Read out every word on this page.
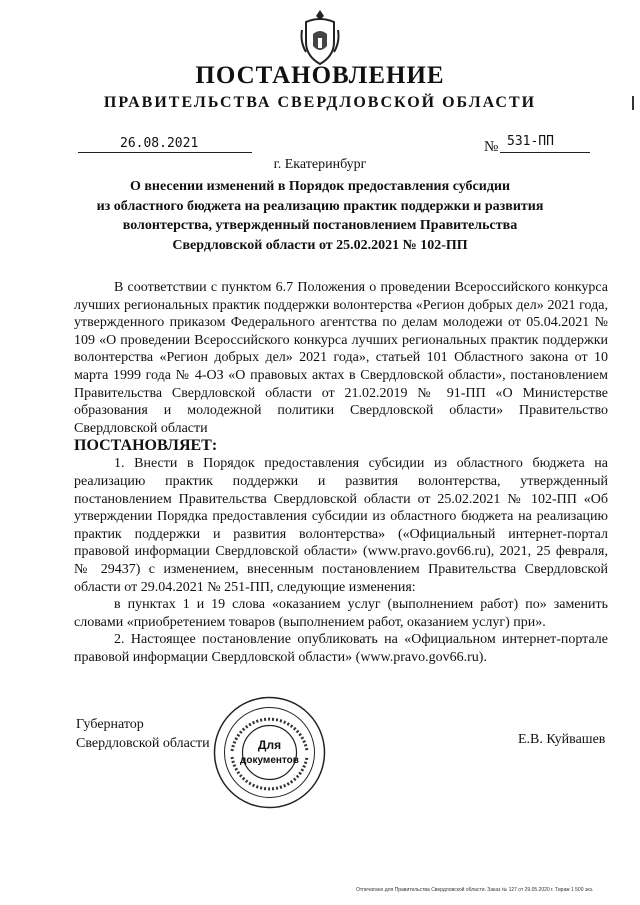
ПОСТАНОВЛЕНИЕ
ПРАВИТЕЛЬСТВА СВЕРДЛОВСКОЙ ОБЛАСТИ
26.08.2021	№ 531-ПП
г. Екатеринбург
О внесении изменений в Порядок предоставления субсидии
из областного бюджета на реализацию практик поддержки и развития
волонтерства, утвержденный постановлением Правительства
Свердловской области от 25.02.2021 № 102-ПП

В соответствии с пунктом 6.7 Положения о проведении Всероссийского конкурса лучших региональных практик поддержки волонтерства «Регион добрых дел» 2021 года, утвержденного приказом Федерального агентства по делам молодежи от 05.04.2021 № 109 «О проведении Всероссийского конкурса лучших региональных практик поддержки волонтерства «Регион добрых дел» 2021 года», статьей 101 Областного закона от 10 марта 1999 года № 4-ОЗ «О правовых актах в Свердловской области», постановлением Правительства Свердловской области от 21.02.2019 № 91-ПП «О Министерстве образования и молодежной политики Свердловской области» Правительство Свердловской области

ПОСТАНОВЛЯЕТ:

1. Внести в Порядок предоставления субсидии из областного бюджета на реализацию практик поддержки и развития волонтерства, утвержденный постановлением Правительства Свердловской области от 25.02.2021 № 102-ПП «Об утверждении Порядка предоставления субсидии из областного бюджета на реализацию практик поддержки и развития волонтерства» («Официальный интернет-портал правовой информации Свердловской области» (www.pravo.gov66.ru), 2021, 25 февраля, № 29437) с изменением, внесенным постановлением Правительства Свердловской области от 29.04.2021 № 251-ПП, следующие изменения:

в пунктах 1 и 19 слова «оказанием услуг (выполнением работ) по» заменить словами «приобретением товаров (выполнением работ, оказанием услуг) при».

2. Настоящее постановление опубликовать на «Официальном интернет-портале правовой информации Свердловской области» (www.pravo.gov66.ru).

Губернатор
Свердловской области	Для
документов
Е.В. Куйвашев
Отпечатано для Правительства Свердловской области. Заказ № 127 от 29.05.2020 г. Тираж 1 500 экз.
